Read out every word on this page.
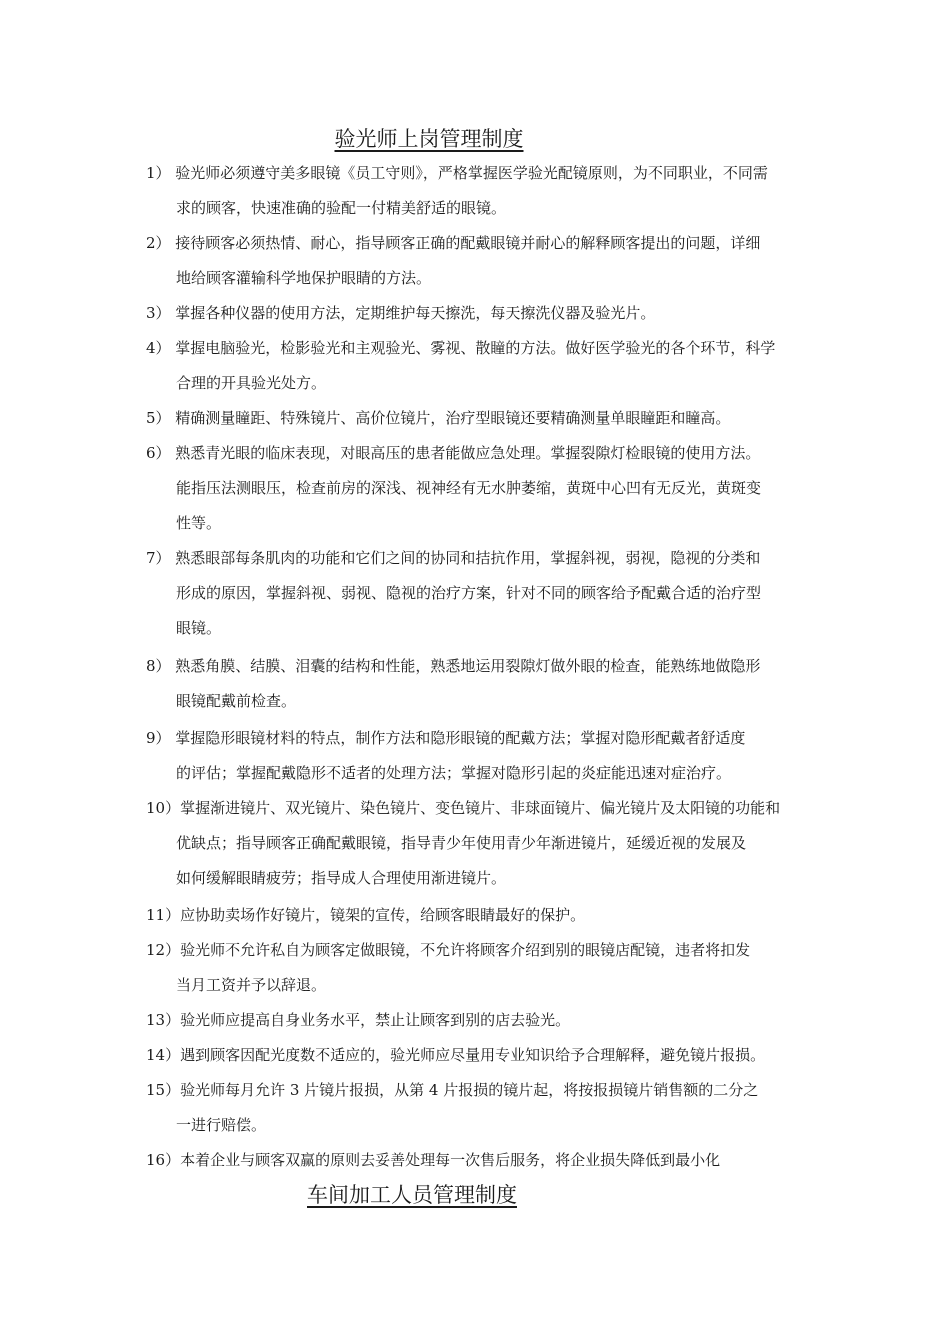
验光师上岗管理制度
1） 验光师必须遵守美多眼镜《员工守则》，严格掌握医学验光配镜原则，为不同职业，不同需
求的顾客，快速准确的验配一付精美舒适的眼镜。
2） 接待顾客必须热情、耐心，指导顾客正确的配戴眼镜并耐心的解释顾客提出的问题，详细
地给顾客灌输科学地保护眼睛的方法。
3） 掌握各种仪器的使用方法，定期维护每天擦洗，每天擦洗仪器及验光片。
4） 掌握电脑验光，检影验光和主观验光、雾视、散瞳的方法。做好医学验光的各个环节，科学
合理的开具验光处方。
5） 精确测量瞳距、特殊镜片、高价位镜片，治疗型眼镜还要精确测量单眼瞳距和瞳高。
6） 熟悉青光眼的临床表现，对眼高压的患者能做应急处理。掌握裂隙灯检眼镜的使用方法。
能指压法测眼压，检查前房的深浅、视神经有无水肿萎缩，黄斑中心凹有无反光，黄斑变
性等。
7） 熟悉眼部每条肌肉的功能和它们之间的协同和拮抗作用，掌握斜视，弱视，隐视的分类和
形成的原因，掌握斜视、弱视、隐视的治疗方案，针对不同的顾客给予配戴合适的治疗型
眼镜。
8） 熟悉角膜、结膜、泪囊的结构和性能，熟悉地运用裂隙灯做外眼的检查，能熟练地做隐形
眼镜配戴前检查。
9） 掌握隐形眼镜材料的特点，制作方法和隐形眼镜的配戴方法；掌握对隐形配戴者舒适度
的评估；掌握配戴隐形不适者的处理方法；掌握对隐形引起的炎症能迅速对症治疗。
10）掌握渐进镜片、双光镜片、染色镜片、变色镜片、非球面镜片、偏光镜片及太阳镜的功能和
优缺点；指导顾客正确配戴眼镜，指导青少年使用青少年渐进镜片，延缓近视的发展及
如何缓解眼睛疲劳；指导成人合理使用渐进镜片。
11）应协助卖场作好镜片，镜架的宣传，给顾客眼睛最好的保护。
12）验光师不允许私自为顾客定做眼镜，不允许将顾客介绍到别的眼镜店配镜，违者将扣发
当月工资并予以辞退。
13）验光师应提高自身业务水平，禁止让顾客到别的店去验光。
14）遇到顾客因配光度数不适应的，验光师应尽量用专业知识给予合理解释，避免镜片报损。
15）验光师每月允许 3 片镜片报损，从第 4 片报损的镜片起，将按报损镜片销售额的二分之
一进行赔偿。
16）本着企业与顾客双赢的原则去妥善处理每一次售后服务，将企业损失降低到最小化
车间加工人员管理制度
